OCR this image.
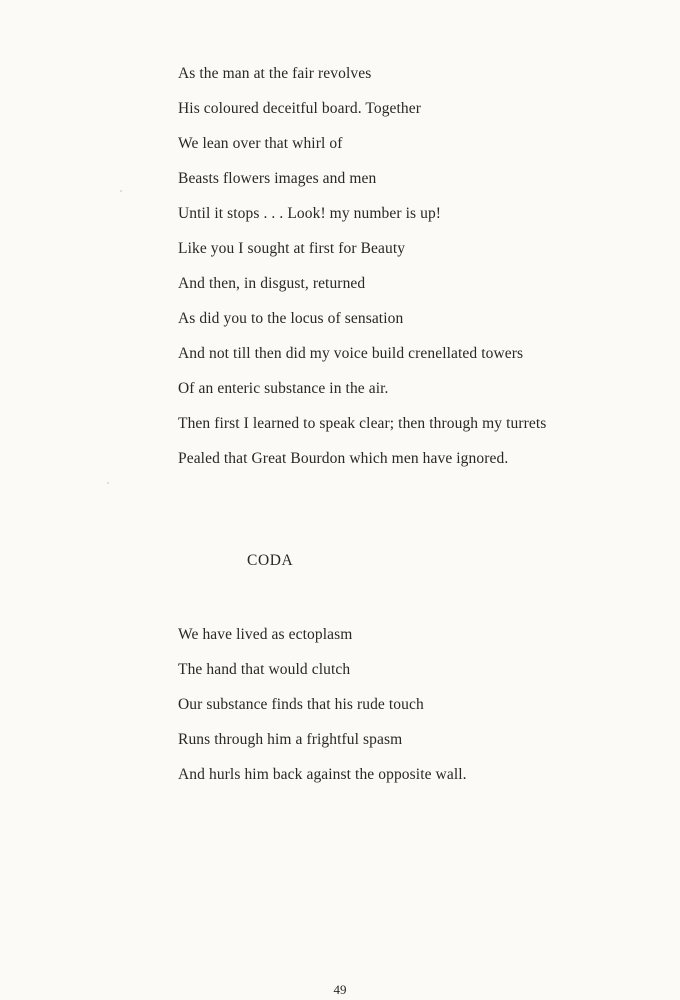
As the man at the fair revolves
His coloured deceitful board. Together
We lean over that whirl of
Beasts flowers images and men
Until it stops . . . Look! my number is up!
Like you I sought at first for Beauty
And then, in disgust, returned
As did you to the locus of sensation
And not till then did my voice build crenellated towers
Of an enteric substance in the air.
Then first I learned to speak clear; then through my turrets
Pealed that Great Bourdon which men have ignored.
CODA
We have lived as ectoplasm
The hand that would clutch
Our substance finds that his rude touch
Runs through him a frightful spasm
And hurls him back against the opposite wall.
49
